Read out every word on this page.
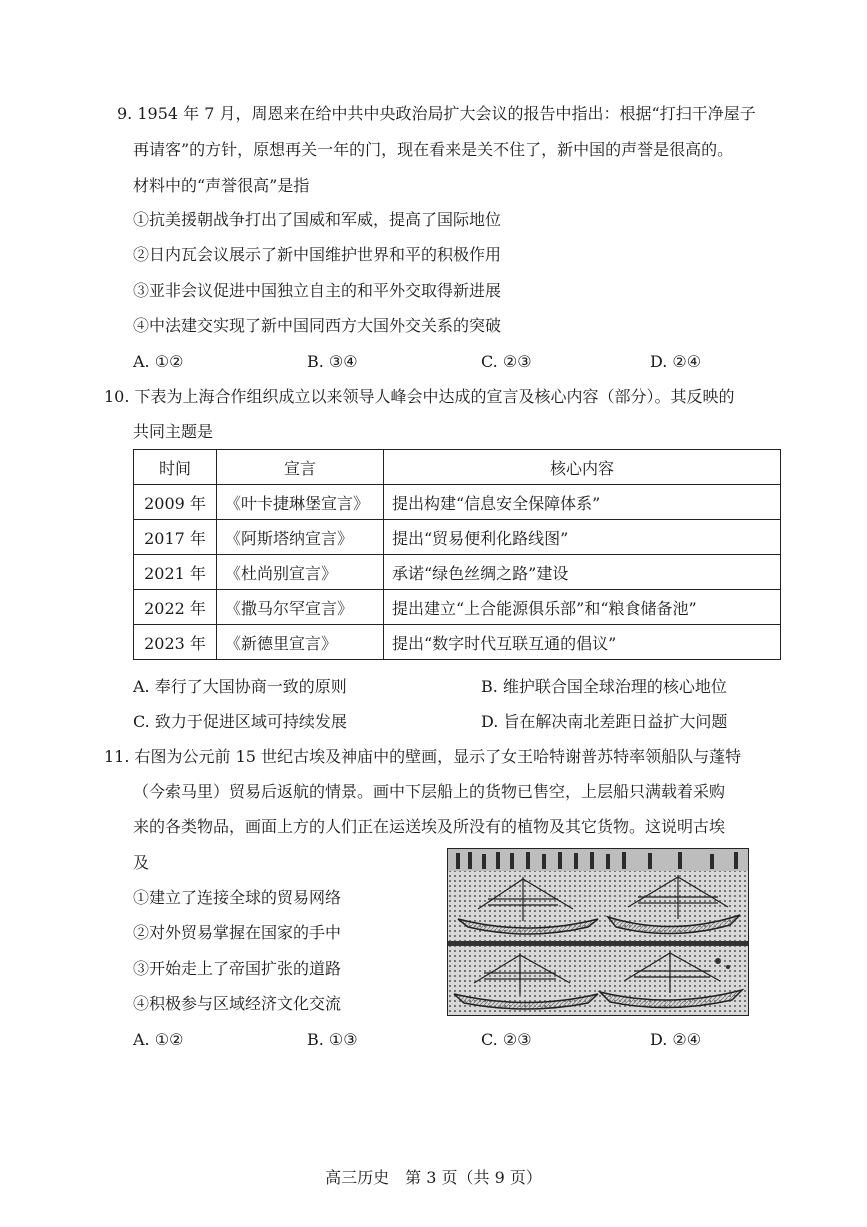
9. 1954 年 7 月，周恩来在给中共中央政治局扩大会议的报告中指出：根据“打扫干净屋子
再请客”的方针，原想再关一年的门，现在看来是关不住了，新中国的声誉是很高的。
材料中的“声誉很高”是指
①抗美援朝战争打出了国威和军威，提高了国际地位
②日内瓦会议展示了新中国维护世界和平的积极作用
③亚非会议促进中国独立自主的和平外交取得新进展
④中法建交实现了新中国同西方大国外交关系的突破
A. ①②	B. ③④	C. ②③	D. ②④
10. 下表为上海合作组织成立以来领导人峰会中达成的宣言及核心内容（部分）。其反映的
共同主题是
时间	宣言	核心内容
2009 年	《叶卡捷琳堡宣言》	提出构建“信息安全保障体系”
2017 年	《阿斯塔纳宣言》	提出“贸易便利化路线图”
2021 年	《杜尚别宣言》	承诺“绿色丝绸之路”建设
2022 年	《撒马尔罕宣言》	提出建立“上合能源俱乐部”和“粮食储备池”
2023 年	《新德里宣言》	提出“数字时代互联互通的倡议”
A. 奉行了大国协商一致的原则	B. 维护联合国全球治理的核心地位
C. 致力于促进区域可持续发展	D. 旨在解决南北差距日益扩大问题
11. 右图为公元前 15 世纪古埃及神庙中的壁画，显示了女王哈特谢普苏特率领船队与蓬特
（今索马里）贸易后返航的情景。画中下层船上的货物已售空，上层船只满载着采购
来的各类物品，画面上方的人们正在运送埃及所没有的植物及其它货物。这说明古埃
及
①建立了连接全球的贸易网络
②对外贸易掌握在国家的手中
③开始走上了帝国扩张的道路
④积极参与区域经济文化交流
A. ①②	B. ①③	C. ②③	D. ②④
高三历史　第 3 页（共 9 页）
